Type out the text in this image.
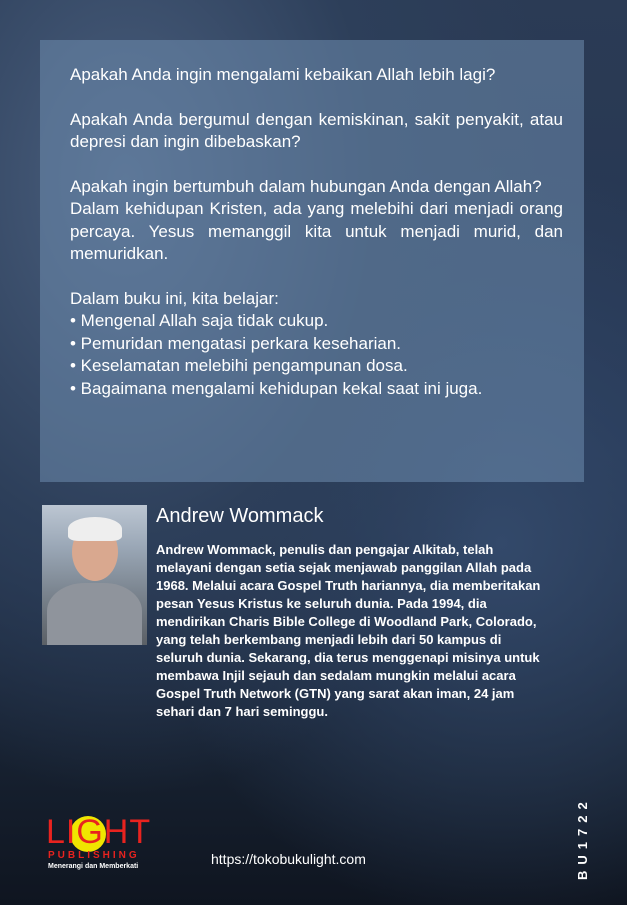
Apakah Anda ingin mengalami kebaikan Allah lebih lagi?

Apakah Anda bergumul dengan kemiskinan, sakit penyakit, atau depresi dan ingin dibebaskan?

Apakah ingin bertumbuh dalam hubungan Anda dengan Allah?

Dalam kehidupan Kristen, ada yang melebihi dari menjadi orang percaya. Yesus memanggil kita untuk menjadi murid, dan memuridkan.

Dalam buku ini, kita belajar:

• Mengenal Allah saja tidak cukup.

• Pemuridan mengatasi perkara keseharian.

• Keselamatan melebihi pengampunan dosa.

• Bagaimana mengalami kehidupan kekal saat ini juga.

Andrew Wommack
Andrew Wommack, penulis dan pengajar Alkitab, telah melayani dengan setia sejak menjawab panggilan Allah pada 1968. Melalui acara Gospel Truth hariannya, dia memberitakan pesan Yesus Kristus ke seluruh dunia. Pada 1994, dia mendirikan Charis Bible College di Woodland Park, Colorado, yang telah berkembang menjadi lebih dari 50 kampus di seluruh dunia. Sekarang, dia terus menggenapi misinya untuk membawa Injil sejauh dan sedalam mungkin melalui acara Gospel Truth Network (GTN) yang sarat akan iman, 24 jam sehari dan 7 hari seminggu.
LIGHT
PUBLISHING
Menerangi dan Memberkati	https://tokobukulight.com	BU1722
